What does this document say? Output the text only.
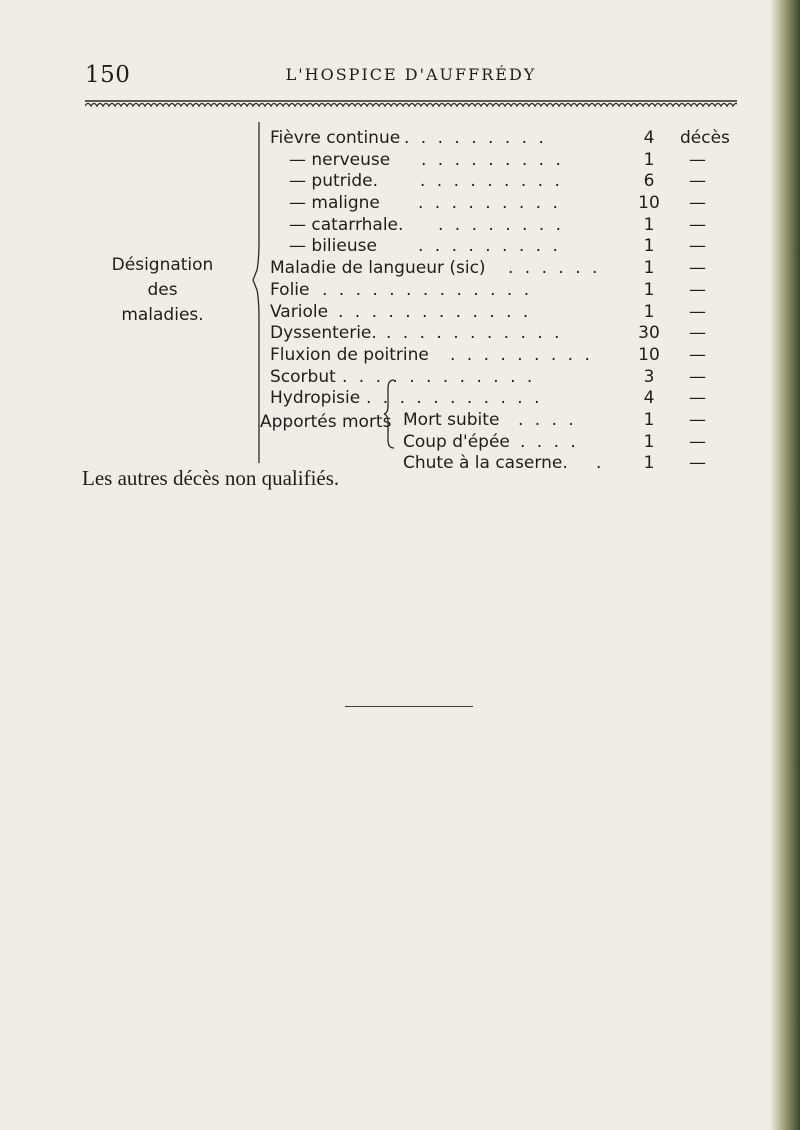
150	L'HOSPICE D'AUFFRÉDY
Désignation
des
maladies.
Fièvre continue . . . . . . . . .	4	décès
— nerveuse . . . . . . . . .	1	—
— putride. . . . . . . . . .	6	—
— maligne . . . . . . . . .	10	—
— catarrhale. . . . . . . . .	1	—
— bilieuse . . . . . . . . .	1	—
Maladie de langueur (sic) . . . . . .	1	—
Folie . . . . . . . . . . . . .	1	—
Variole . . . . . . . . . . . .	1	—
Dyssenterie. . . . . . . . . . . .	30	—
Fluxion de poitrine . . . . . . . . .	10	—
Scorbut . . . . . . . . . . . .	3	—
Hydropisie . . . . . . . . . . .	4	—
Mort subite . . . .	1	—
Coup d'épée . . . .	1	—
Chute à la caserne. .	1	—
Apportés morts
Les autres décès non qualifiés.
